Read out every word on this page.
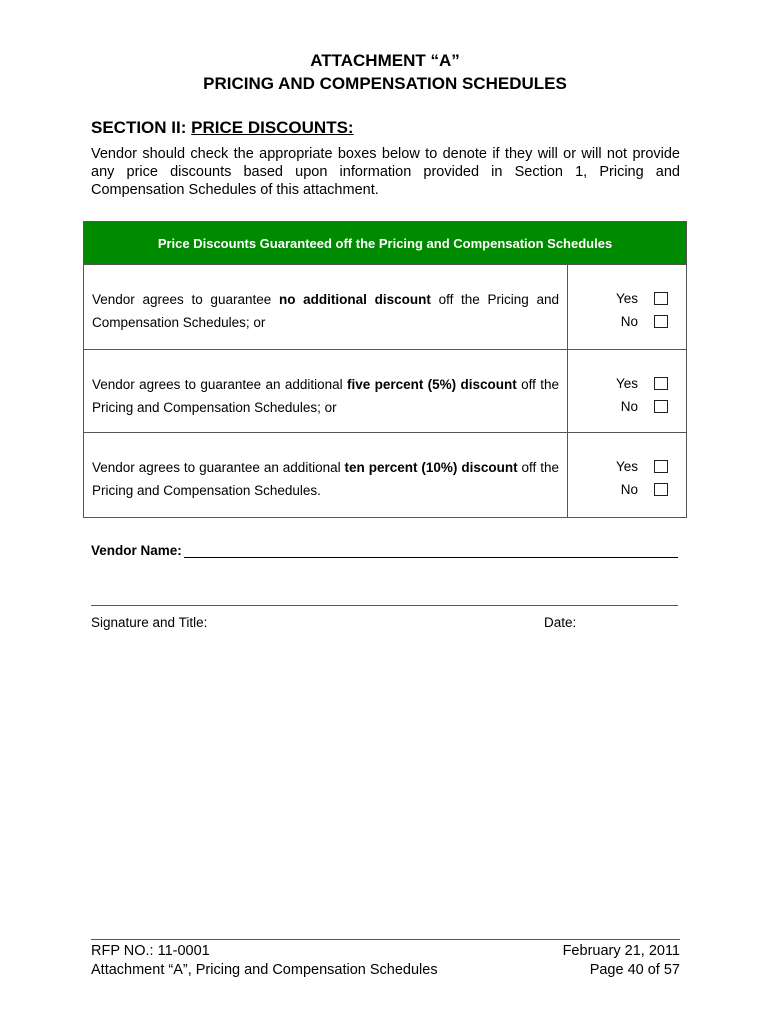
ATTACHMENT “A”
PRICING AND COMPENSATION SCHEDULES
SECTION II: PRICE DISCOUNTS:
Vendor should check the appropriate boxes below to denote if they will or will not provide any price discounts based upon information provided in Section 1, Pricing and Compensation Schedules of this attachment.
Price Discounts Guaranteed off the Pricing and Compensation Schedules
Vendor agrees to guarantee no additional discount off the Pricing and Compensation Schedules; or
Yes
No
Vendor agrees to guarantee an additional five percent (5%) discount off the Pricing and Compensation Schedules; or
Yes
No
Vendor agrees to guarantee an additional ten percent (10%) discount off the Pricing and Compensation Schedules.
Yes
No
Vendor Name:
Signature and Title:	Date:
RFP NO.: 11-0001
Attachment “A”, Pricing and Compensation Schedules
February 21, 2011
Page 40 of 57
